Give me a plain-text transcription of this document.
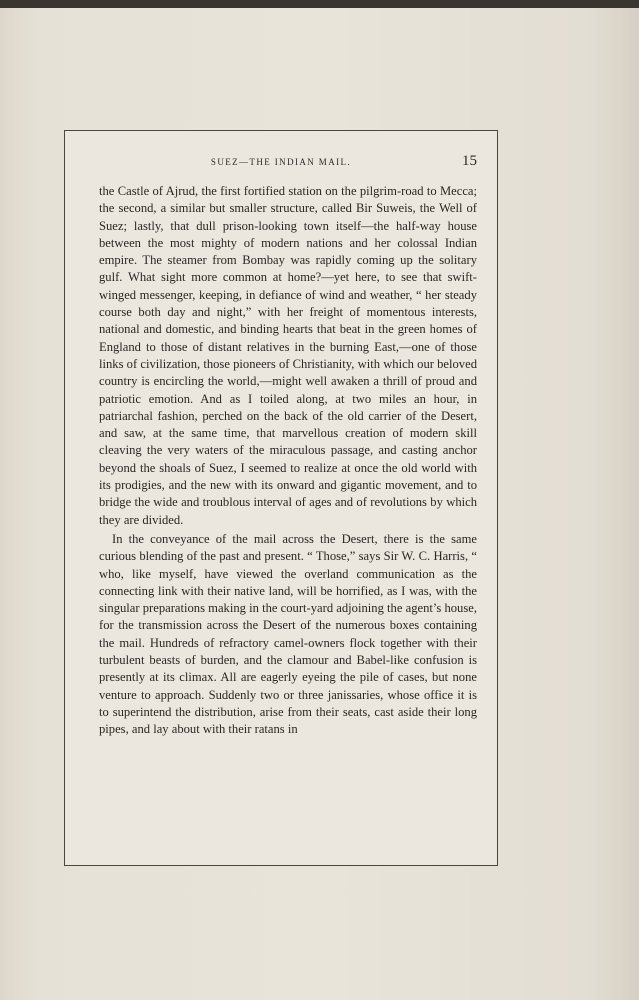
SUEZ—THE INDIAN MAIL.	15

the Castle of Ajrud, the first fortified station on the pilgrim-road to Mecca; the second, a similar but smaller structure, called Bir Suweis, the Well of Suez; lastly, that dull prison-looking town itself—the half-way house between the most mighty of modern nations and her colossal Indian empire. The steamer from Bombay was rapidly coming up the solitary gulf. What sight more common at home?—yet here, to see that swift-winged messenger, keeping, in defiance of wind and weather, “ her steady course both day and night,” with her freight of momentous interests, national and domestic, and binding hearts that beat in the green homes of England to those of distant relatives in the burning East,—one of those links of civilization, those pioneers of Christianity, with which our beloved country is encircling the world,—might well awaken a thrill of proud and patriotic emotion. And as I toiled along, at two miles an hour, in patriarchal fashion, perched on the back of the old carrier of the Desert, and saw, at the same time, that marvellous creation of modern skill cleaving the very waters of the miraculous passage, and casting anchor beyond the shoals of Suez, I seemed to realize at once the old world with its prodigies, and the new with its onward and gigantic movement, and to bridge the wide and troublous interval of ages and of revolutions by which they are divided.

In the conveyance of the mail across the Desert, there is the same curious blending of the past and present. “ Those,” says Sir W. C. Harris, “ who, like myself, have viewed the overland communication as the connecting link with their native land, will be horrified, as I was, with the singular preparations making in the court-yard adjoining the agent’s house, for the transmission across the Desert of the numerous boxes containing the mail. Hundreds of refractory camel-owners flock together with their turbulent beasts of burden, and the clamour and Babel-like confusion is presently at its climax. All are eagerly eyeing the pile of cases, but none venture to approach. Suddenly two or three janissaries, whose office it is to superintend the distribution, arise from their seats, cast aside their long pipes, and lay about with their ratans in
